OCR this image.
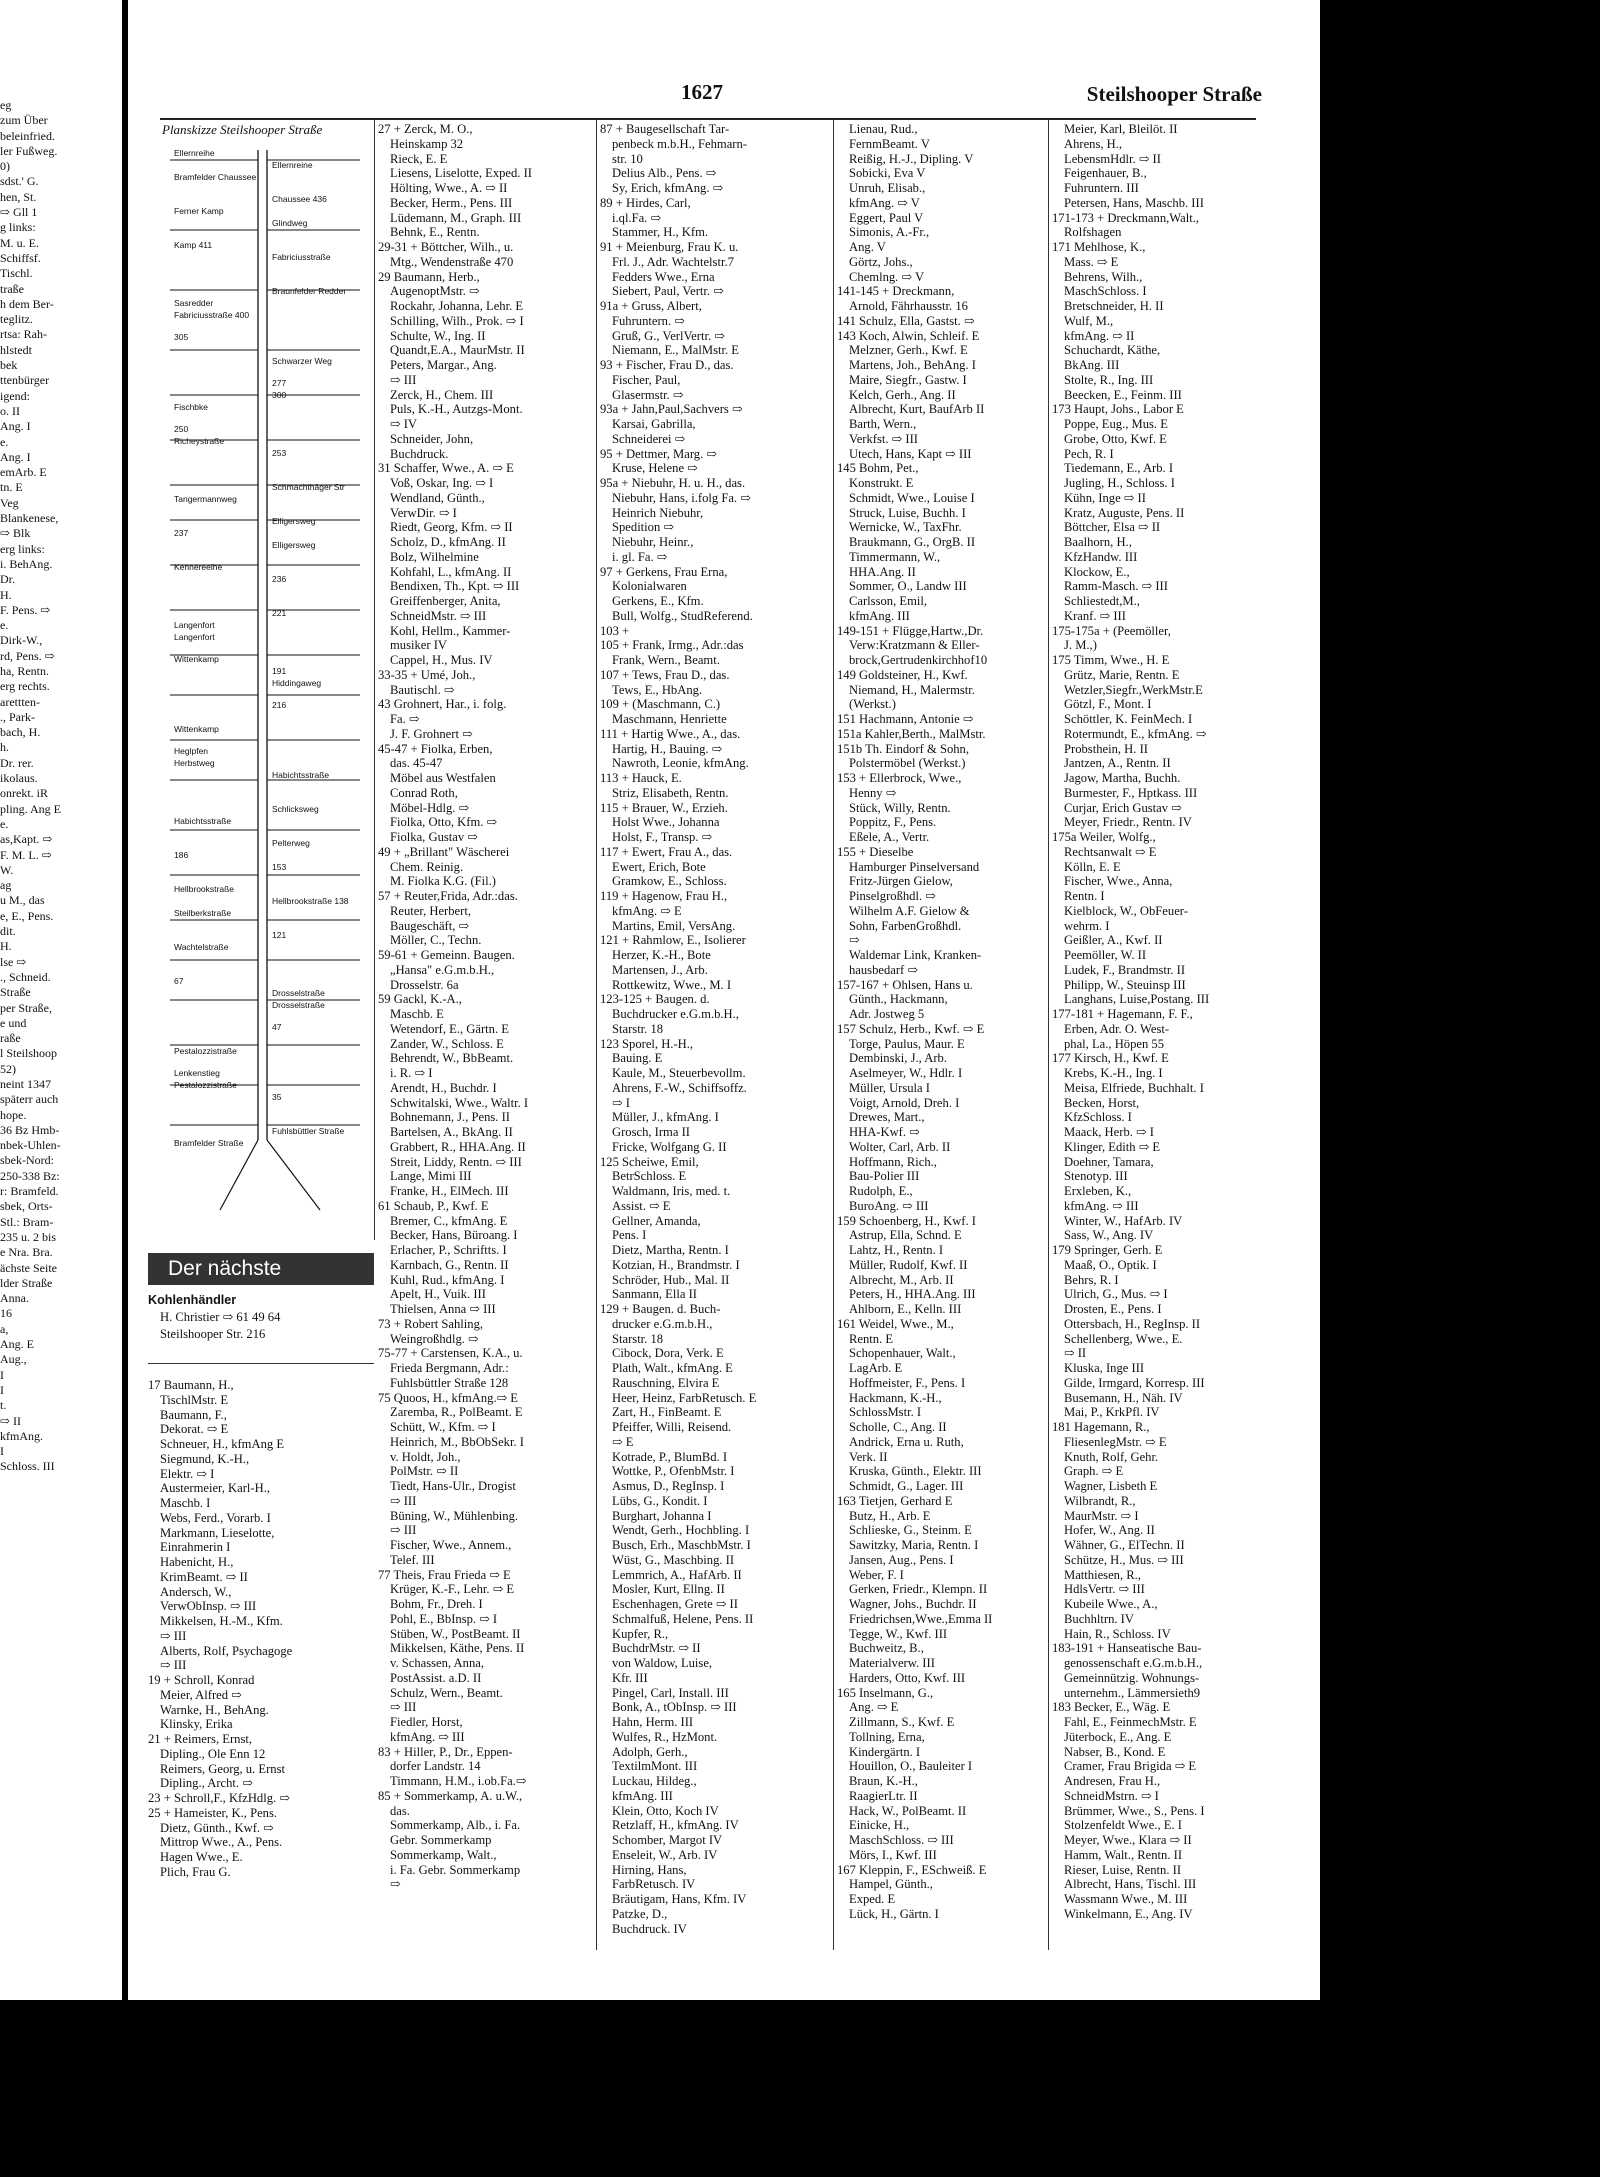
eg
zum Über
beleinfried.
ler Fußweg.
0)
sdst.' G.
hen, St.
⇨ Gll 1
g links:
M. u. E.
Schiffsf.
Tischl.
traße
h dem Ber-
teglitz.
rtsa: Rah-
hlstedt
bek
ttenbürger
igend:
o. II
Ang. I
e.
Ang. I
emArb. E
tn. E
Veg
Blankenese,
⇨ Blk
erg links:
i. BehAng.
Dr.
H.
F. Pens. ⇨
e.
Dirk-W.,
rd, Pens. ⇨
ha, Rentn.
erg rechts.
arettten-
., Park-
bach, H.
h.
Dr. rer.
ikolaus.
onrekt. iR
pling. Ang E
e.
as,Kapt. ⇨
F. M. L. ⇨
W.
ag
u M., das
e, E., Pens.
dit.
H.
lse ⇨
., Schneid.
Straße
per Straße,
e und
raße
l Steilshoop
52)
neint 1347
späterr auch
hope.
36 Bz Hmb-
nbek-Uhlen-
sbek-Nord:
250-338 Bz:
r: Bramfeld.
sbek, Orts-
Stl.: Bram-
235 u. 2 bis
e Nra. Bra.
ächste Seite
lder Straße
Anna.
16
a,
Ang. E
Aug.,
I
I
t.
⇨ II
kfmAng.
I
Schloss. III
1627	Steilshooper Straße
Planskizze Steilshooper Straße
Ellernreihe
Ellernreine
Bramfelder Chaussee
Chaussee 436
Ferner Kamp
Glindweg
Kamp 411
Fabriciusstraße
Fabriciusstraße 400
Braunfelder Redder
Sasredder
Schwarzer Weg
305
300
Fischbke
277
Richeystraße
253
250
Schmachthäger Str
Tangermannweg
Elligersweg
237
Elligersweg
Kennereeihe
236
Langenfort
221
Langenfort
Hiddingaweg
Wittenkamp
191
Wittenkamp
216
Herbstweg
Habichtsstraße
Heglpfen
Schlicksweg
Habichtsstraße
Pelterweg
186
153
Hellbrookstraße
Hellbrookstraße 138
Steilberkstraße
121
Wachtelstraße
Drosselstraße
67
Drosselstraße
Pestalozzistraße
47
Pestalozzistraße
35
Lenkenstieg
Fuhlsbüttler Straße
Bramfelder Straße
Der nächste
Kohlenhändler
H. Christier ⇨ 61 49 64
Steilshooper Str. 216
17 Baumann, H.,
TischlMstr. E
Baumann, F.,
Dekorat. ⇨ E
Schneuer, H., kfmAng E
Siegmund, K.-H.,
Elektr. ⇨ I
Austermeier, Karl-H.,
Maschb. I
Webs, Ferd., Vorarb. I
Markmann, Lieselotte,
Einrahmerin I
Habenicht, H.,
KrimBeamt. ⇨ II
Andersch, W.,
VerwObInsp. ⇨ III
Mikkelsen, H.-M., Kfm.
⇨ III
Alberts, Rolf, Psychagoge
⇨ III
19 + Schroll, Konrad
Meier, Alfred ⇨
Warnke, H., BehAng.
Klinsky, Erika
21 + Reimers, Ernst,
Dipling., Ole Enn 12
Reimers, Georg, u. Ernst
Dipling., Archt. ⇨
23 + Schroll,F., KfzHdlg. ⇨
25 + Hameister, K., Pens.
Dietz, Günth., Kwf. ⇨
Mittrop Wwe., A., Pens.
Hagen Wwe., E.
Plich, Frau G.
27 + Zerck, M. O.,
Heinskamp 32
Rieck, E. E
Liesens, Liselotte, Exped. II
Hölting, Wwe., A. ⇨ II
Becker, Herm., Pens. III
Lüdemann, M., Graph. III
Behnk, E., Rentn.
29-31 + Böttcher, Wilh., u.
Mtg., Wendenstraße 470
29 Baumann, Herb.,
AugenoptMstr. ⇨
Rockahr, Johanna, Lehr. E
Schilling, Wilh., Prok. ⇨ I
Schulte, W., Ing. II
Quandt,E.A., MaurMstr. II
Peters, Margar., Ang.
⇨ III
Zerck, H., Chem. III
Puls, K.-H., Autzgs-Mont.
⇨ IV
Schneider, John,
Buchdruck.
31 Schaffer, Wwe., A. ⇨ E
Voß, Oskar, Ing. ⇨ I
Wendland, Günth.,
VerwDir. ⇨ I
Riedt, Georg, Kfm. ⇨ II
Scholz, D., kfmAng. II
Bolz, Wilhelmine
Kohfahl, L., kfmAng. II
Bendixen, Th., Kpt. ⇨ III
Greiffenberger, Anita,
SchneidMstr. ⇨ III
Kohl, Hellm., Kammer-
musiker IV
Cappel, H., Mus. IV
33-35 + Umé, Joh.,
Bautischl. ⇨
43 Grohnert, Har., i. folg.
Fa. ⇨
J. F. Grohnert ⇨
45-47 + Fiolka, Erben,
das. 45-47
Möbel aus Westfalen
Conrad Roth,
Möbel-Hdlg. ⇨
Fiolka, Otto, Kfm. ⇨
Fiolka, Gustav ⇨
49 + „Brillant" Wäscherei
Chem. Reinig.
M. Fiolka K.G. (Fil.)
57 + Reuter,Frida, Adr.:das.
Reuter, Herbert,
Baugeschäft, ⇨
Möller, C., Techn.
59-61 + Gemeinn. Baugen.
„Hansa" e.G.m.b.H.,
Drosselstr. 6a
59 Gackl, K.-A.,
Maschb. E
Wetendorf, E., Gärtn. E
Zander, W., Schloss. E
Behrendt, W., BbBeamt.
i. R. ⇨ I
Arendt, H., Buchdr. I
Schwitalski, Wwe., Waltr. I
Bohnemann, J., Pens. II
Bartelsen, A., BkAng. II
Grabbert, R., HHA.Ang. II
Streit, Liddy, Rentn. ⇨ III
Lange, Mimi III
Franke, H., ElMech. III
61 Schaub, P., Kwf. E
Bremer, C., kfmAng. E
Becker, Hans, Büroang. I
Erlacher, P., Schriftts. I
Karnbach, G., Rentn. II
Kuhl, Rud., kfmAng. I
Apelt, H., Vuik. III
Thielsen, Anna ⇨ III
73 + Robert Sahling,
Weingroßhdlg. ⇨
75-77 + Carstensen, K.A., u.
Frieda Bergmann, Adr.:
Fuhlsbüttler Straße 128
75 Quoos, H., kfmAng.⇨ E
Zaremba, R., PolBeamt. E
Schütt, W., Kfm. ⇨ I
Heinrich, M., BbObSekr. I
v. Holdt, Joh.,
PolMstr. ⇨ II
Tiedt, Hans-Ulr., Drogist
⇨ III
Büning, W., Mühlenbing.
⇨ III
Fischer, Wwe., Annem.,
Telef. III
77 Theis, Frau Frieda ⇨ E
Krüger, K.-F., Lehr. ⇨ E
Bohm, Fr., Dreh. I
Pohl, E., BbInsp. ⇨ I
Stüben, W., PostBeamt. II
Mikkelsen, Käthe, Pens. II
v. Schassen, Anna,
PostAssist. a.D. II
Schulz, Wern., Beamt.
⇨ III
Fiedler, Horst,
kfmAng. ⇨ III
83 + Hiller, P., Dr., Eppen-
dorfer Landstr. 14
Timmann, H.M., i.ob.Fa.⇨
85 + Sommerkamp, A. u.W.,
das.
Sommerkamp, Alb., i. Fa.
Gebr. Sommerkamp
Sommerkamp, Walt.,
i. Fa. Gebr. Sommerkamp
⇨
87 + Baugesellschaft Tar-
penbeck m.b.H., Fehmarn-
str. 10
Delius Alb., Pens. ⇨
Sy, Erich, kfmAng. ⇨
89 + Hirdes, Carl,
i.ql.Fa. ⇨
Stammer, H., Kfm.
91 + Meienburg, Frau K. u.
Frl. J., Adr. Wachtelstr.7
Fedders Wwe., Erna
Siebert, Paul, Vertr. ⇨
91a + Gruss, Albert,
Fuhruntern. ⇨
Gruß, G., VerlVertr. ⇨
Niemann, E., MalMstr. E
93 + Fischer, Frau D., das.
Fischer, Paul,
Glasermstr. ⇨
93a + Jahn,Paul,Sachvers ⇨
Karsai, Gabrilla,
Schneiderei ⇨
95 + Dettmer, Marg. ⇨
Kruse, Helene ⇨
95a + Niebuhr, H. u. H., das.
Niebuhr, Hans, i.folg Fa. ⇨
Heinrich Niebuhr,
Spedition ⇨
Niebuhr, Heinr.,
i. gl. Fa. ⇨
97 + Gerkens, Frau Erna,
Kolonialwaren
Gerkens, E., Kfm.
Bull, Wolfg., StudReferend.
103 +
105 + Frank, Irmg., Adr.:das
Frank, Wern., Beamt.
107 + Tews, Frau D., das.
Tews, E., HbAng.
109 + (Maschmann, C.)
Maschmann, Henriette
111 + Hartig Wwe., A., das.
Hartig, H., Bauing. ⇨
Nawroth, Leonie, kfmAng.
113 + Hauck, E.
Striz, Elisabeth, Rentn.
115 + Brauer, W., Erzieh.
Holst Wwe., Johanna
Holst, F., Transp. ⇨
117 + Ewert, Frau A., das.
Ewert, Erich, Bote
Gramkow, E., Schloss.
119 + Hagenow, Frau H.,
kfmAng. ⇨ E
Martins, Emil, VersAng.
121 + Rahmlow, E., Isolierer
Herzer, K.-H., Bote
Martensen, J., Arb.
Rottkewitz, Wwe., M. I
123-125 + Baugen. d.
Buchdrucker e.G.m.b.H.,
Starstr. 18
123 Sporel, H.-H.,
Bauing. E
Kaule, M., Steuerbevollm.
Ahrens, F.-W., Schiffsoffz.
⇨ I
Müller, J., kfmAng. I
Grosch, Irma II
Fricke, Wolfgang G. II
125 Scheiwe, Emil,
BetrSchloss. E
Waldmann, Iris, med. t.
Assist. ⇨ E
Gellner, Amanda,
Pens. I
Dietz, Martha, Rentn. I
Kotzian, H., Brandmstr. I
Schröder, Hub., Mal. II
Sanmann, Ella II
129 + Baugen. d. Buch-
drucker e.G.m.b.H.,
Starstr. 18
Cibock, Dora, Verk. E
Plath, Walt., kfmAng. E
Rauschning, Elvira E
Heer, Heinz, FarbRetusch. E
Zart, H., FinBeamt. E
Pfeiffer, Willi, Reisend.
⇨ E
Kotrade, P., BlumBd. I
Wottke, P., OfenbMstr. I
Asmus, D., RegInsp. I
Lübs, G., Kondit. I
Burghart, Johanna I
Wendt, Gerh., Hochbling. I
Busch, Erh., MaschbMstr. I
Wüst, G., Maschbing. II
Lemmrich, A., HafArb. II
Mosler, Kurt, Ellng. II
Eschenhagen, Grete ⇨ II
Schmalfuß, Helene, Pens. II
Kupfer, R.,
BuchdrMstr. ⇨ II
von Waldow, Luise,
Kfr. III
Pingel, Carl, Install. III
Bonk, A., tObInsp. ⇨ III
Hahn, Herm. III
Wulfes, R., HzMont.
Adolph, Gerh.,
TextilmMont. III
Luckau, Hildeg.,
kfmAng. III
Klein, Otto, Koch IV
Retzlaff, H., kfmAng. IV
Schomber, Margot IV
Enseleit, W., Arb. IV
Hirning, Hans,
FarbRetusch. IV
Bräutigam, Hans, Kfm. IV
Patzke, D.,
Buchdruck. IV
Lienau, Rud.,
FernmBeamt. V
Reißig, H.-J., Dipling. V
Sobicki, Eva V
Unruh, Elisab.,
kfmAng. ⇨ V
Eggert, Paul V
Simonis, A.-Fr.,
Ang. V
Görtz, Johs.,
Chemlng. ⇨ V
141-145 + Dreckmann,
Arnold, Fährhausstr. 16
141 Schulz, Ella, Gastst. ⇨
143 Koch, Alwin, Schleif. E
Melzner, Gerh., Kwf. E
Martens, Joh., BehAng. I
Maire, Siegfr., Gastw. I
Kelch, Gerh., Ang. II
Albrecht, Kurt, BaufArb II
Barth, Wern.,
Verkfst. ⇨ III
Utech, Hans, Kapt ⇨ III
145 Bohm, Pet.,
Konstrukt. E
Schmidt, Wwe., Louise I
Struck, Luise, Buchh. I
Wernicke, W., TaxFhr.
Braukmann, G., OrgB. II
Timmermann, W.,
HHA.Ang. II
Sommer, O., Landw III
Carlsson, Emil,
kfmAng. III
149-151 + Flügge,Hartw.,Dr.
Verw:Kratzmann & Eller-
brock,Gertrudenkirchhof10
149 Goldsteiner, H., Kwf.
Niemand, H., Malermstr.
(Werkst.)
151 Hachmann, Antonie ⇨
151a Kahler,Berth., MalMstr.
151b Th. Eindorf & Sohn,
Polstermöbel (Werkst.)
153 + Ellerbrock, Wwe.,
Henny ⇨
Stück, Willy, Rentn.
Poppitz, F., Pens.
Eßele, A., Vertr.
155 + Dieselbe
Hamburger Pinselversand
Fritz-Jürgen Gielow,
Pinselgroßhdl. ⇨
Wilhelm A.F. Gielow &
Sohn, FarbenGroßhdl.
⇨
Waldemar Link, Kranken-
hausbedarf ⇨
157-167 + Ohlsen, Hans u.
Günth., Hackmann,
Adr. Jostweg 5
157 Schulz, Herb., Kwf. ⇨ E
Torge, Paulus, Maur. E
Dembinski, J., Arb.
Aselmeyer, W., Hdlr. I
Müller, Ursula I
Voigt, Arnold, Dreh. I
Drewes, Mart.,
HHA-Kwf. ⇨
Wolter, Carl, Arb. II
Hoffmann, Rich.,
Bau-Polier III
Rudolph, E.,
BuroAng. ⇨ III
159 Schoenberg, H., Kwf. I
Astrup, Ella, Schnd. E
Lahtz, H., Rentn. I
Müller, Rudolf, Kwf. II
Albrecht, M., Arb. II
Peters, H., HHA.Ang. III
Ahlborn, E., Kelln. III
161 Weidel, Wwe., M.,
Rentn. E
Schopenhauer, Walt.,
LagArb. E
Hoffmeister, F., Pens. I
Hackmann, K.-H.,
SchlossMstr. I
Scholle, C., Ang. II
Andrick, Erna u. Ruth,
Verk. II
Kruska, Günth., Elektr. III
Schmidt, G., Lager. III
163 Tietjen, Gerhard E
Butz, H., Arb. E
Schlieske, G., Steinm. E
Sawitzky, Maria, Rentn. I
Jansen, Aug., Pens. I
Weber, F. I
Gerken, Friedr., Klempn. II
Wagner, Johs., Buchdr. II
Friedrichsen,Wwe.,Emma II
Tegge, W., Kwf. III
Buchweitz, B.,
Materialverw. III
Harders, Otto, Kwf. III
165 Inselmann, G.,
Ang. ⇨ E
Zillmann, S., Kwf. E
Tollning, Erna,
Kindergärtn. I
Houillon, O., Bauleiter I
Braun, K.-H.,
RaagierLtr. II
Hack, W., PolBeamt. II
Einicke, H.,
MaschSchloss. ⇨ III
Mörs, I., Kwf. III
167 Kleppin, F., ESchweiß. E
Hampel, Günth.,
Exped. E
Lück, H., Gärtn. I
Meier, Karl, Bleilöt. II
Ahrens, H.,
LebensmHdlr. ⇨ II
Feigenhauer, B.,
Fuhruntern. III
Petersen, Hans, Maschb. III
171-173 + Dreckmann,Walt.,
Rolfshagen
171 Mehlhose, K.,
Mass. ⇨ E
Behrens, Wilh.,
MaschSchloss. I
Bretschneider, H. II
Wulf, M.,
kfmAng. ⇨ II
Schuchardt, Käthe,
BkAng. III
Stolte, R., Ing. III
Beecken, E., Feinm. III
173 Haupt, Johs., Labor E
Poppe, Eug., Mus. E
Grobe, Otto, Kwf. E
Pech, R. I
Tiedemann, E., Arb. I
Jugling, H., Schloss. I
Kühn, Inge ⇨ II
Kratz, Auguste, Pens. II
Böttcher, Elsa ⇨ II
Baalhorn, H.,
KfzHandw. III
Klockow, E.,
Ramm-Masch. ⇨ III
Schliestedt,M.,
Kranf. ⇨ III
175-175a + (Peemöller,
J. M.,)
175 Timm, Wwe., H. E
Grütz, Marie, Rentn. E
Wetzler,Siegfr.,WerkMstr.E
Götzl, F., Mont. I
Schöttler, K. FeinMech. I
Rotermundt, E., kfmAng. ⇨
Probsthein, H. II
Jantzen, A., Rentn. II
Jagow, Martha, Buchh.
Burmester, F., Hptkass. III
Curjar, Erich Gustav ⇨
Meyer, Friedr., Rentn. IV
175a Weiler, Wolfg.,
Rechtsanwalt ⇨ E
Kölln, E. E
Fischer, Wwe., Anna,
Rentn. I
Kielblock, W., ObFeuer-
wehrm. I
Geißler, A., Kwf. II
Peemöller, W. II
Ludek, F., Brandmstr. II
Philipp, W., Steuinsp III
Langhans, Luise,Postang. III
177-181 + Hagemann, F. F.,
Erben, Adr. O. West-
phal, La., Höpen 55
177 Kirsch, H., Kwf. E
Krebs, K.-H., Ing. I
Meisa, Elfriede, Buchhalt. I
Becken, Horst,
KfzSchloss. I
Maack, Herb. ⇨ I
Klinger, Edith ⇨ E
Doehner, Tamara,
Stenotyp. III
Erxleben, K.,
kfmAng. ⇨ III
Winter, W., HafArb. IV
Sass, W., Ang. IV
179 Springer, Gerh. E
Maaß, O., Optik. I
Behrs, R. I
Ulrich, G., Mus. ⇨ I
Drosten, E., Pens. I
Ottersbach, H., RegInsp. II
Schellenberg, Wwe., E.
⇨ II
Kluska, Inge III
Gilde, Irmgard, Korresp. III
Busemann, H., Näh. IV
Mai, P., KrkPfl. IV
181 Hagemann, R.,
FliesenlegMstr. ⇨ E
Knuth, Rolf, Gehr.
Graph. ⇨ E
Wagner, Lisbeth E
Wilbrandt, R.,
MaurMstr. ⇨ I
Hofer, W., Ang. II
Wähner, G., ElTechn. II
Schütze, H., Mus. ⇨ III
Matthiesen, R.,
HdlsVertr. ⇨ III
Kubeile Wwe., A.,
Buchhltrn. IV
Hain, R., Schloss. IV
183-191 + Hanseatische Bau-
genossenschaft e.G.m.b.H.,
Gemeinnützig. Wohnungs-
unternehm., Lämmersieth9
183 Becker, E., Wäg. E
Fahl, E., FeinmechMstr. E
Jüterbock, E., Ang. E
Nabser, B., Kond. E
Cramer, Frau Brigida ⇨ E
Andresen, Frau H.,
SchneidMstrn. ⇨ I
Brümmer, Wwe., S., Pens. I
Stolzenfeldt Wwe., E. I
Meyer, Wwe., Klara ⇨ II
Hamm, Walt., Rentn. II
Rieser, Luise, Rentn. II
Albrecht, Hans, Tischl. III
Wassmann Wwe., M. III
Winkelmann, E., Ang. IV
